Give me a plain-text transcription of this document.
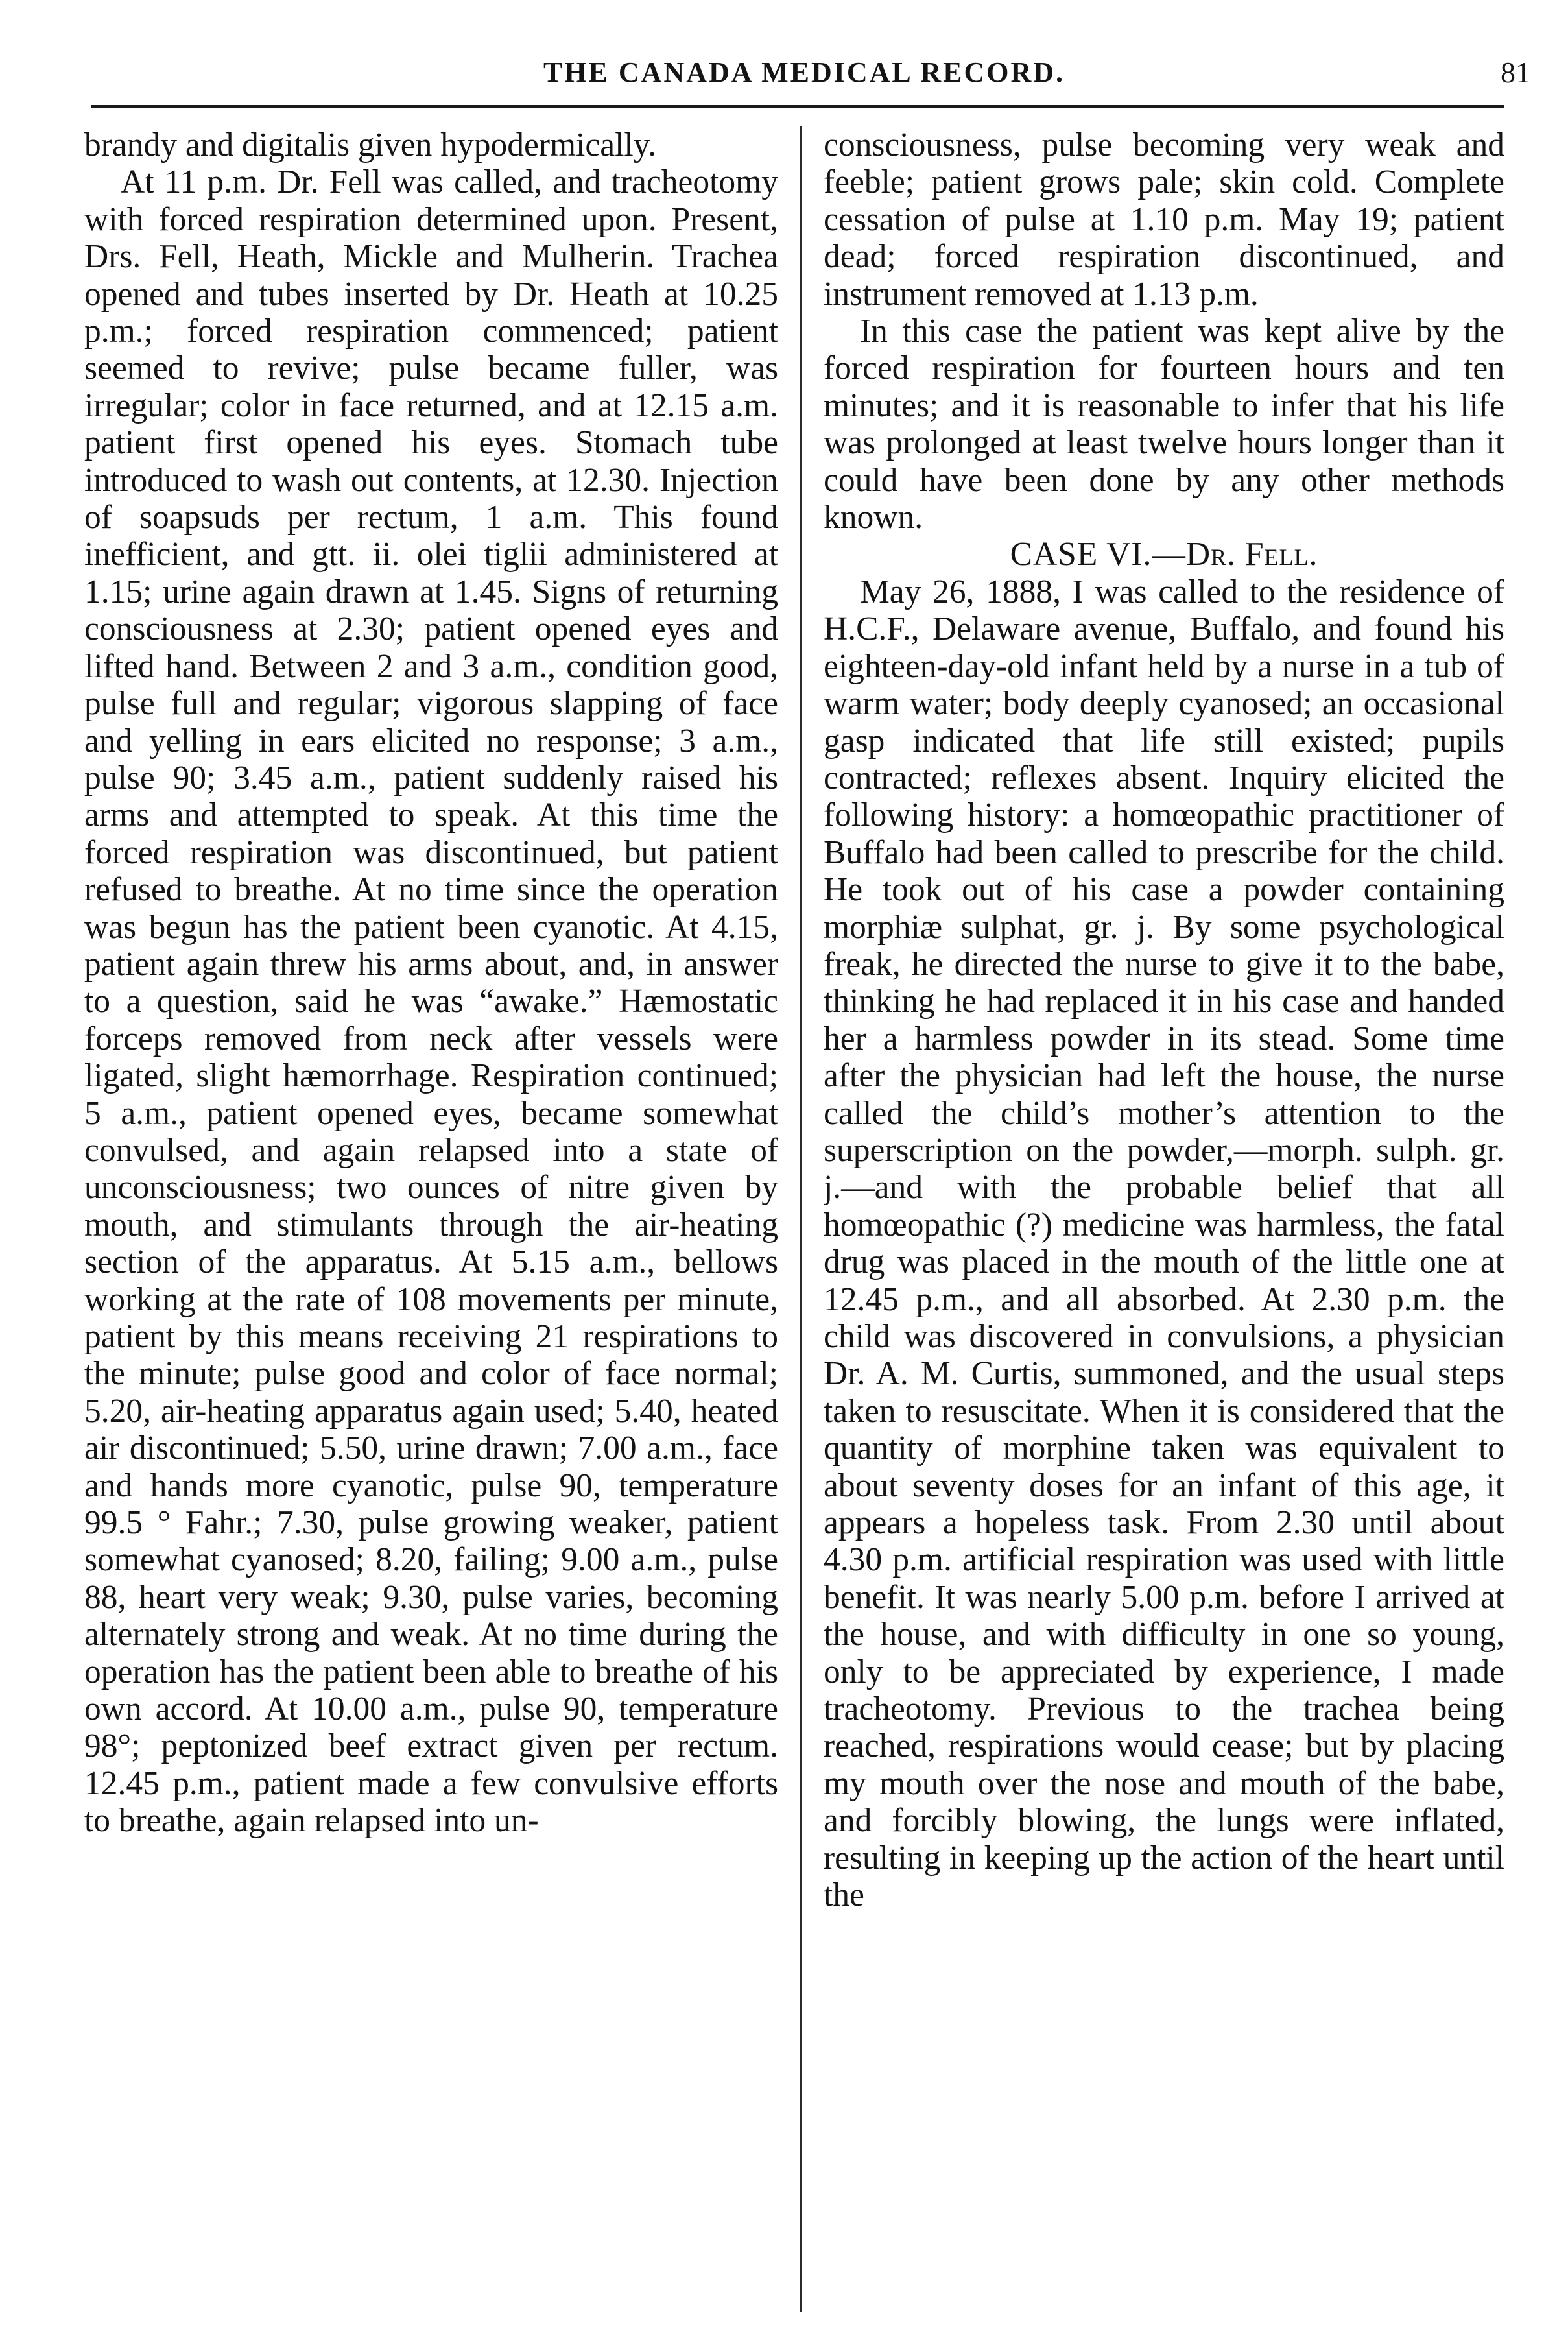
THE CANADA MEDICAL RECORD.	81

brandy and digitalis given hypodermically.

At 11 p.m. Dr. Fell was called, and tracheotomy with forced respiration determined upon. Present, Drs. Fell, Heath, Mickle and Mulherin. Trachea opened and tubes inserted by Dr. Heath at 10.25 p.m.; forced respiration commenced; patient seemed to revive; pulse became fuller, was irregular; color in face returned, and at 12.15 a.m. patient first opened his eyes. Stomach tube introduced to wash out contents, at 12.30. Injection of soapsuds per rectum, 1 a.m. This found inefficient, and gtt. ii. olei tiglii administered at 1.15; urine again drawn at 1.45. Signs of returning consciousness at 2.30; patient opened eyes and lifted hand. Between 2 and 3 a.m., condition good, pulse full and regular; vigorous slapping of face and yelling in ears elicited no response; 3 a.m., pulse 90; 3.45 a.m., patient suddenly raised his arms and attempted to speak. At this time the forced respiration was discontinued, but patient refused to breathe. At no time since the operation was begun has the patient been cyanotic. At 4.15, patient again threw his arms about, and, in answer to a question, said he was “awake.” Hæmostatic forceps removed from neck after vessels were ligated, slight hæmorrhage. Respiration continued; 5 a.m., patient opened eyes, became somewhat convulsed, and again relapsed into a state of unconsciousness; two ounces of nitre given by mouth, and stimulants through the air-heating section of the apparatus. At 5.15 a.m., bellows working at the rate of 108 movements per minute, patient by this means receiving 21 respirations to the minute; pulse good and color of face normal; 5.20, air-heating apparatus again used; 5.40, heated air discontinued; 5.50, urine drawn; 7.00 a.m., face and hands more cyanotic, pulse 90, temperature 99.5 ° Fahr.; 7.30, pulse growing weaker, patient somewhat cyanosed; 8.20, failing; 9.00 a.m., pulse 88, heart very weak; 9.30, pulse varies, becoming alternately strong and weak. At no time during the operation has the patient been able to breathe of his own accord. At 10.00 a.m., pulse 90, temperature 98°; peptonized beef extract given per rectum. 12.45 p.m., patient made a few convulsive efforts to breathe, again relapsed into un-

consciousness, pulse becoming very weak and feeble; patient grows pale; skin cold. Complete cessation of pulse at 1.10 p.m. May 19; patient dead; forced respiration discontinued, and instrument removed at 1.13 p.m.

In this case the patient was kept alive by the forced respiration for fourteen hours and ten minutes; and it is reasonable to infer that his life was prolonged at least twelve hours longer than it could have been done by any other methods known.

CASE VI.—Dr. Fell.

May 26, 1888, I was called to the residence of H.C.F., Delaware avenue, Buffalo, and found his eighteen-day-old infant held by a nurse in a tub of warm water; body deeply cyanosed; an occasional gasp indicated that life still existed; pupils contracted; reflexes absent. Inquiry elicited the following history: a homœopathic practitioner of Buffalo had been called to prescribe for the child. He took out of his case a powder containing morphiæ sulphat, gr. j. By some psychological freak, he directed the nurse to give it to the babe, thinking he had replaced it in his case and handed her a harmless powder in its stead. Some time after the physician had left the house, the nurse called the child’s mother’s attention to the superscription on the powder,—morph. sulph. gr. j.—and with the probable belief that all homœopathic (?) medicine was harmless, the fatal drug was placed in the mouth of the little one at 12.45 p.m., and all absorbed. At 2.30 p.m. the child was discovered in convulsions, a physician Dr. A. M. Curtis, summoned, and the usual steps taken to resuscitate. When it is considered that the quantity of morphine taken was equivalent to about seventy doses for an infant of this age, it appears a hopeless task. From 2.30 until about 4.30 p.m. artificial respiration was used with little benefit. It was nearly 5.00 p.m. before I arrived at the house, and with difficulty in one so young, only to be appreciated by experience, I made tracheotomy. Previous to the trachea being reached, respirations would cease; but by placing my mouth over the nose and mouth of the babe, and forcibly blowing, the lungs were inflated, resulting in keeping up the action of the heart until the
